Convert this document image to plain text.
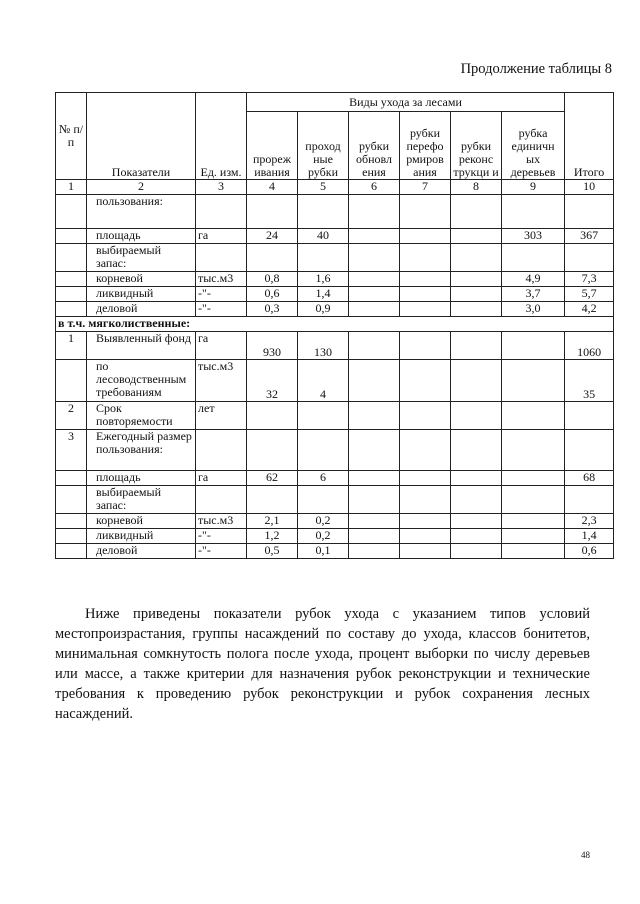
Продолжение таблицы 8
№ п/п	Показатели	Ед. изм.	Виды ухода за лесами						Итого
			прореж ивания	проход ные рубки	рубки обновл ения	рубки перефо рмиров ания	рубки реконс трукци и	рубка единичн ых деревьев	
1	2	3	4	5	6	7	8	9	10
	пользования:								
	площадь	га	24	40				303	367
	выбираемый запас:								
	корневой	тыс.м3	0,8	1,6				4,9	7,3
	ликвидный	-"-	0,6	1,4				3,7	5,7
	деловой	-"-	0,3	0,9				3,0	4,2
в т.ч. мягколиственные:									
1	Выявленный фонд	га	930	130					1060
	по лесоводственным требованиям	тыс.м3	32	4					35
2	Срок повторяемости	лет							
3	Ежегодный размер пользования:								
	площадь	га	62	6					68
	выбираемый запас:								
	корневой	тыс.м3	2,1	0,2					2,3
	ликвидный	-"-	1,2	0,2					1,4
	деловой	-"-	0,5	0,1					0,6

Ниже приведены показатели рубок ухода с указанием типов условий местопроизрастания, группы насаждений по составу до ухода, классов бонитетов, минимальная сомкнутость полога после ухода, процент выборки по числу деревьев или массе, а также критерии для назначения рубок реконструкции и технические требования к проведению рубок реконструкции и рубок сохранения лесных насаждений.

48
